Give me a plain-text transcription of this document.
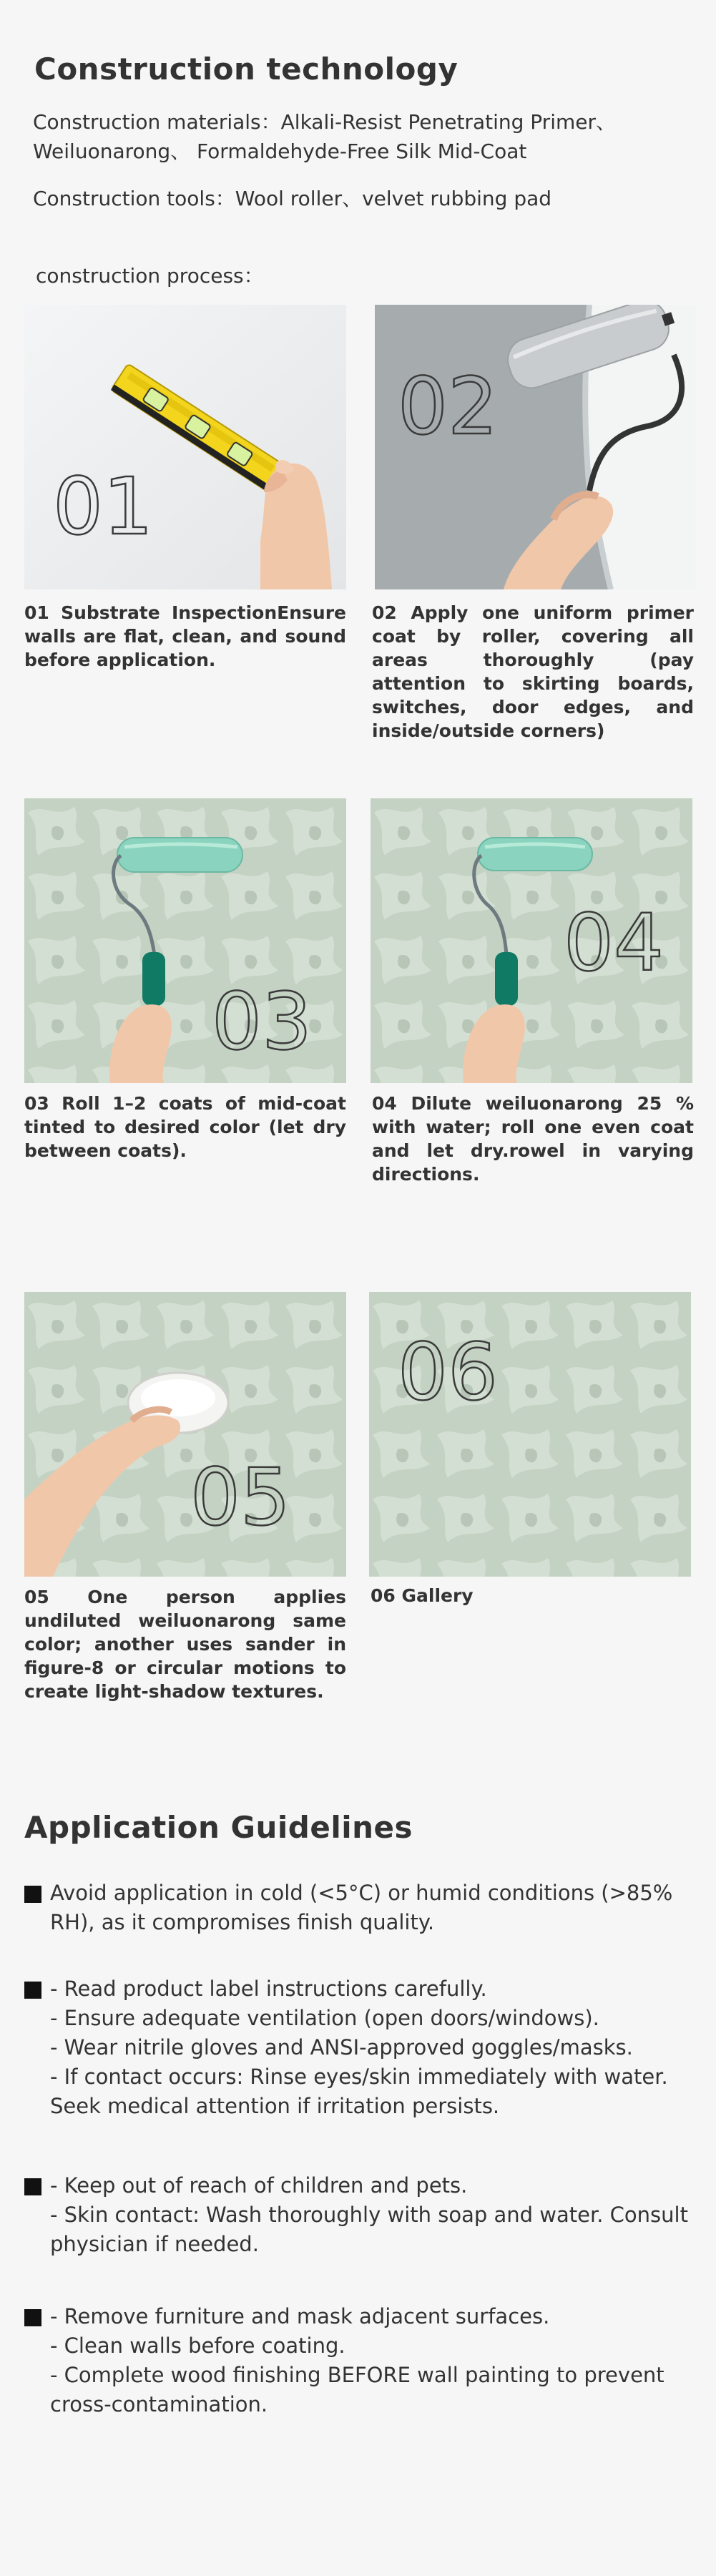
Construction technology
Construction materials：Alkali-Resist Penetrating Primer、
Weiluonarong、 Formaldehyde-Free Silk Mid-Coat
Construction tools：Wool roller、velvet rubbing pad
construction process：
01
01 Substrate InspectionEnsure walls are flat, clean, and sound before application.
02
02 Apply one uniform primer coat by roller, covering all areas thoroughly (pay attention to skirting boards, switches, door edges, and inside/outside corners)
03
03 Roll 1–2 coats of mid-coat tinted to desired color (let dry between coats).
04
04 Dilute weiluonarong 25 % with water; roll one even coat and let dry.rowel in varying directions.
05
05 One person applies undiluted weiluonarong same color; another uses sander in figure-8 or circular motions to create light-shadow textures.
06
06 Gallery
Application Guidelines
Avoid application in cold (<5°C) or humid conditions (>85% RH), as it compromises finish quality.
- Read product label instructions carefully.
- Ensure adequate ventilation (open doors/windows).
- Wear nitrile gloves and ANSI-approved goggles/masks.
- If contact occurs: Rinse eyes/skin immediately with water. Seek medical attention if irritation persists.
- Keep out of reach of children and pets.
- Skin contact: Wash thoroughly with soap and water. Consult physician if needed.
- Remove furniture and mask adjacent surfaces.
- Clean walls before coating.
- Complete wood finishing BEFORE wall painting to prevent cross-contamination.
